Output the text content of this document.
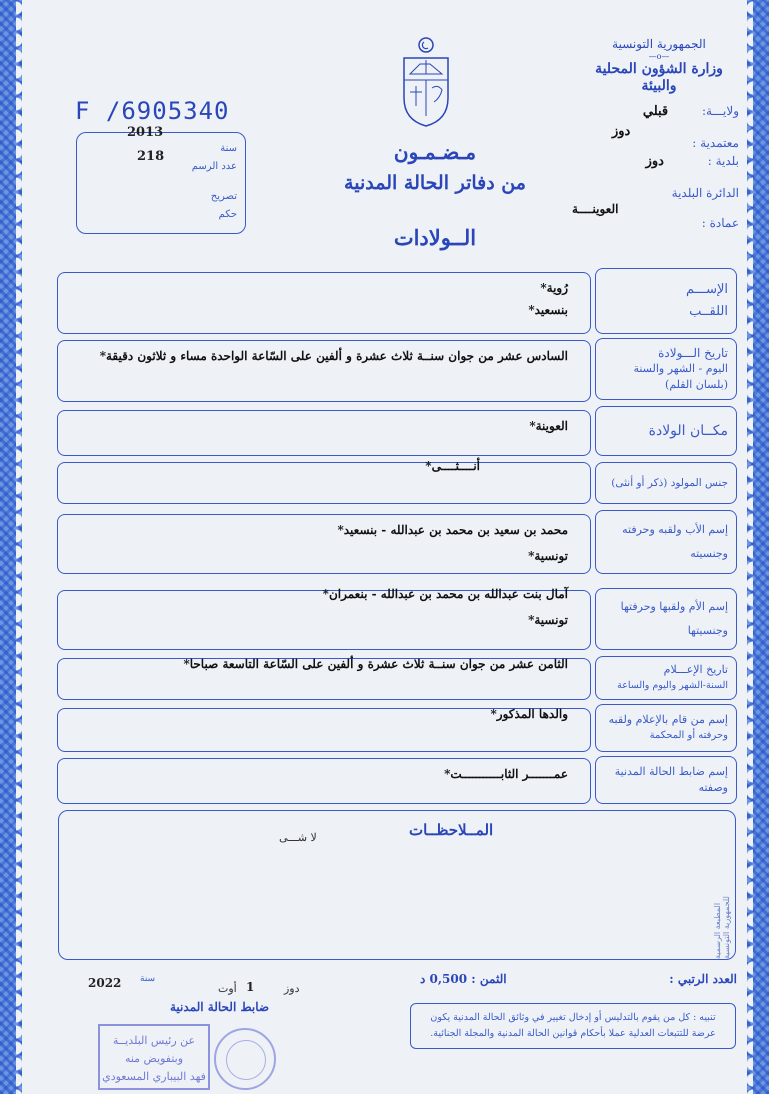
الجمهورية التونسية
—o—
وزارة الشؤون المحلية
والبيئة
F /6905340
2013
سنة
218
عدد الرسم
تصريح
حكم
مـضـمـون
من دفاتر الحالة المدنية
الــولادات
ولايـــة: قبلي
دوز
معتمدية :
بلدية : دوز
الدائرة البلدية
العوينــــة
عمادة :
الإســـم
اللقــب
رُوية*
بنسعيد*
تاريخ الـــولادة
اليوم - الشهر والسنة
(بلسان القلم)
السادس عشر من جوان سنــة ثلاث عشرة و ألفين على السّاعة الواحدة مساء و ثلاثون دقيقة*
مكــان الولادة
العوينة*
جنس المولود (ذكر أو أنثى)
أنــــثــــى*
إسم الأب ولقبه وحرفته
وجنسيته
محمد بن سعيد بن محمد بن عبدالله - بنسعيد*
تونسية*
إسم الأم ولقبها وحرفتها
وجنسيتها
آمال بنت عبدالله بن محمد بن عبدالله - بنعمران*
تونسية*
تاريخ الإعـــلام
السنة-الشهر واليوم والساعة
الثامن عشر من جوان سنــة ثلاث عشرة و ألفين على السّاعة التاسعة صباحا*
إسم من قام بالإعلام ولقبه
وحرفته أو المحكمة
والدها المذكور*
إسم ضابط الحالة المدنية
وصفته
عمـــــــر الثابـــــــــــت*
المــلاحظــات
لا شـــى
المطبعة الرسمية للجمهورية التونسية
العدد الرتبي :
الثمن : 0,500 د
2022 سنة
أوت 1	دوز
ضابط الحالة المدنية
تنبيه : كل من يقوم بالتدليس أو إدخال تغيير في وثائق الحالة المدنية يكون عرضة للتتبعات العدلية عملا بأحكام قوانين الحالة المدنية والمجلة الجنائية.
عن رئيس البلديــة
وبتفويض منه
فهد البيباري المسعودي
